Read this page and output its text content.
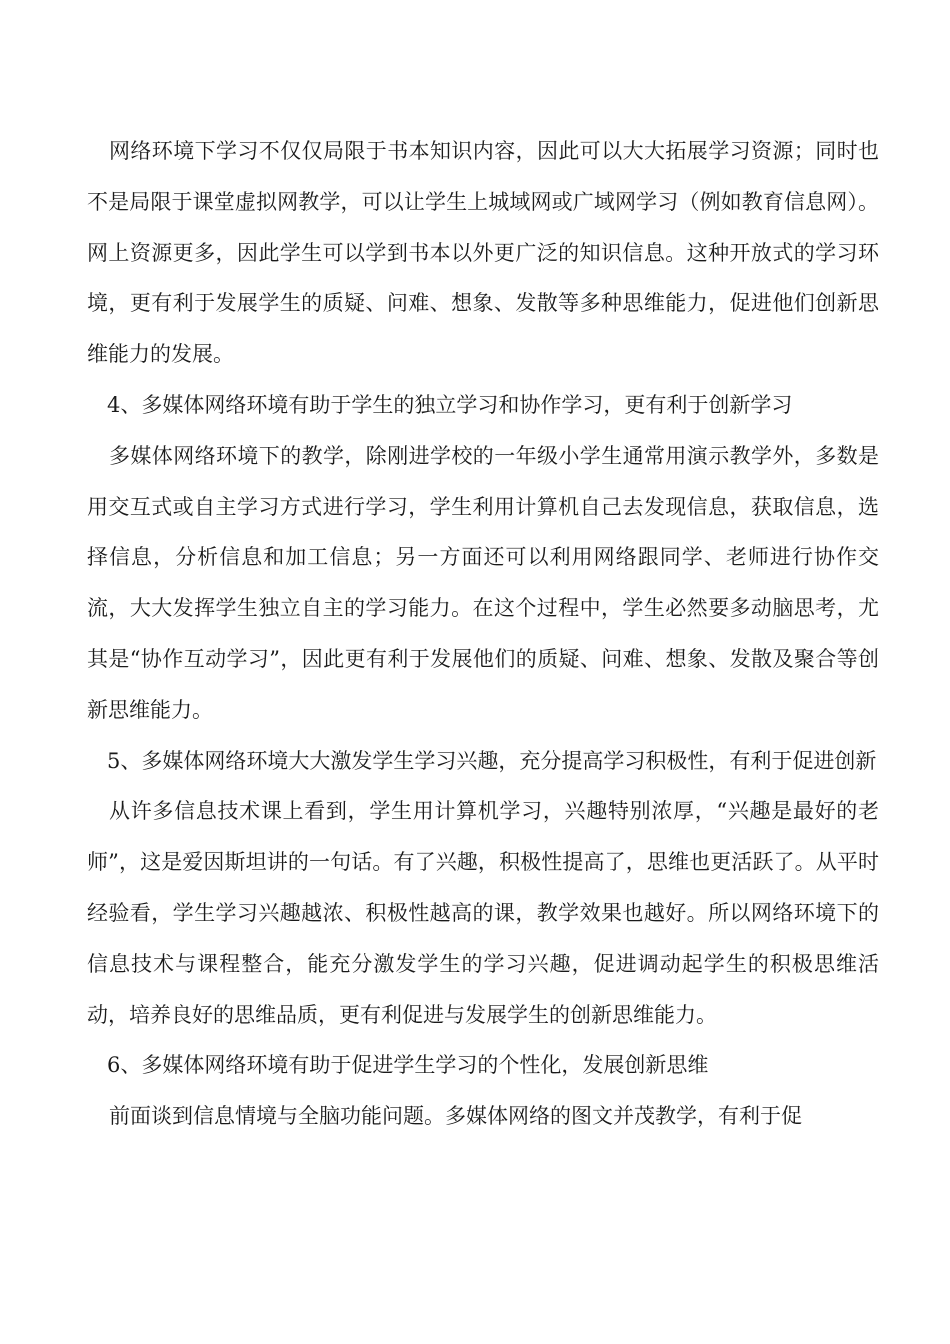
网络环境下学习不仅仅局限于书本知识内容，因此可以大大拓展学习资源；同时也不是局限于课堂虚拟网教学，可以让学生上城域网或广域网学习（例如教育信息网）。网上资源更多，因此学生可以学到书本以外更广泛的知识信息。这种开放式的学习环境，更有利于发展学生的质疑、问难、想象、发散等多种思维能力，促进他们创新思维能力的发展。

4、多媒体网络环境有助于学生的独立学习和协作学习，更有利于创新学习

多媒体网络环境下的教学，除刚进学校的一年级小学生通常用演示教学外，多数是用交互式或自主学习方式进行学习，学生利用计算机自己去发现信息，获取信息，选择信息，分析信息和加工信息；另一方面还可以利用网络跟同学、老师进行协作交流，大大发挥学生独立自主的学习能力。在这个过程中，学生必然要多动脑思考，尤其是“协作互动学习”，因此更有利于发展他们的质疑、问难、想象、发散及聚合等创新思维能力。

5、多媒体网络环境大大激发学生学习兴趣，充分提高学习积极性，有利于促进创新

从许多信息技术课上看到，学生用计算机学习，兴趣特别浓厚，“兴趣是最好的老师”，这是爱因斯坦讲的一句话。有了兴趣，积极性提高了，思维也更活跃了。从平时经验看，学生学习兴趣越浓、积极性越高的课，教学效果也越好。所以网络环境下的信息技术与课程整合，能充分激发学生的学习兴趣，促进调动起学生的积极思维活动，培养良好的思维品质，更有利促进与发展学生的创新思维能力。

6、多媒体网络环境有助于促进学生学习的个性化，发展创新思维

前面谈到信息情境与全脑功能问题。多媒体网络的图文并茂教学，有利于促
